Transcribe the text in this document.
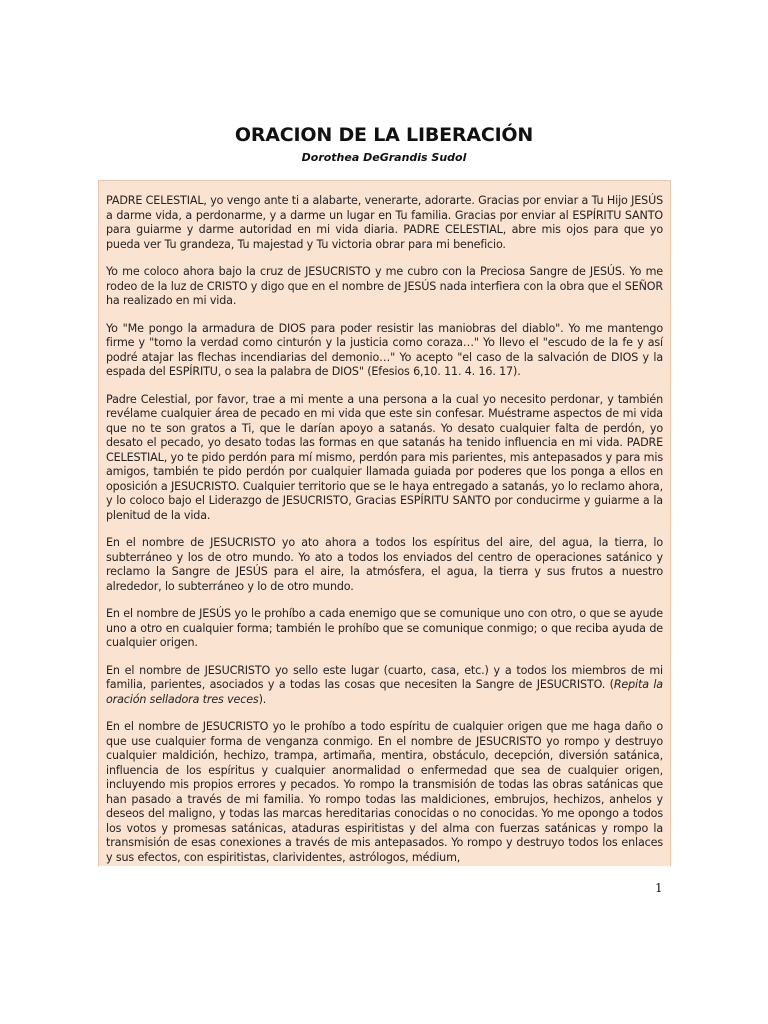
ORACION DE LA LIBERACIÓN
Dorothea DeGrandis Sudol

PADRE CELESTIAL, yo vengo ante ti a alabarte, venerarte, adorarte. Gracias por enviar a Tu Hijo JESÚS a darme vida, a perdonarme, y a darme un lugar en Tu familia. Gracias por enviar al ESPÍRITU SANTO para guiarme y darme autoridad en mi vida diaria. PADRE CELESTIAL, abre mis ojos para que yo pueda ver Tu grandeza, Tu majestad y Tu victoria obrar para mi beneficio.

Yo me coloco ahora bajo la cruz de JESUCRISTO y me cubro con la Preciosa Sangre de JESÚS. Yo me rodeo de la luz de CRISTO y digo que en el nombre de JESÚS nada interfiera con la obra que el SEÑOR ha realizado en mi vida.

Yo "Me pongo la armadura de DIOS para poder resistir las maniobras del diablo". Yo me mantengo firme y "tomo la verdad como cinturón y la justicia como coraza…" Yo llevo el "escudo de la fe y así podré atajar las flechas incendiarias del demonio…" Yo acepto "el caso de la salvación de DIOS y la espada del ESPÍRITU, o sea la palabra de DIOS" (Efesios 6,10. 11. 4. 16. 17).

Padre Celestial, por favor, trae a mi mente a una persona a la cual yo necesito perdonar, y también revélame cualquier área de pecado en mi vida que este sin confesar. Muéstrame aspectos de mi vida que no te son gratos a Ti, que le darían apoyo a satanás. Yo desato cualquier falta de perdón, yo desato el pecado, yo desato todas las formas en que satanás ha tenido influencia en mi vida. PADRE CELESTIAL, yo te pido perdón para mí mismo, perdón para mis parientes, mis antepasados y para mis amigos, también te pido perdón por cualquier llamada guiada por poderes que los ponga a ellos en oposición a JESUCRISTO. Cualquier territorio que se le haya entregado a satanás, yo lo reclamo ahora, y lo coloco bajo el Liderazgo de JESUCRISTO, Gracias ESPÍRITU SANTO por conducirme y guiarme a la plenitud de la vida.

En el nombre de JESUCRISTO yo ato ahora a todos los espíritus del aire, del agua, la tierra, lo subterráneo y los de otro mundo. Yo ato a todos los enviados del centro de operaciones satánico y reclamo la Sangre de JESÚS para el aire, la atmósfera, el agua, la tierra y sus frutos a nuestro alrededor, lo subterráneo y lo de otro mundo.

En el nombre de JESÚS yo le prohíbo a cada enemigo que se comunique uno con otro, o que se ayude uno a otro en cualquier forma; también le prohíbo que se comunique conmigo; o que reciba ayuda de cualquier origen.

En el nombre de JESUCRISTO yo sello este lugar (cuarto, casa, etc.) y a todos los miembros de mi familia, parientes, asociados y a todas las cosas que necesiten la Sangre de JESUCRISTO. (Repita la oración selladora tres veces).

En el nombre de JESUCRISTO yo le prohíbo a todo espíritu de cualquier origen que me haga daño o que use cualquier forma de venganza conmigo. En el nombre de JESUCRISTO yo rompo y destruyo cualquier maldición, hechizo, trampa, artimaña, mentira, obstáculo, decepción, diversión satánica, influencia de los espíritus y cualquier anormalidad o enfermedad que sea de cualquier origen, incluyendo mis propios errores y pecados. Yo rompo la transmisión de todas las obras satánicas que han pasado a través de mi familia. Yo rompo todas las maldiciones, embrujos, hechizos, anhelos y deseos del maligno, y todas las marcas hereditarias conocidas o no conocidas. Yo me opongo a todos los votos y promesas satánicas, ataduras espiritistas y del alma con fuerzas satánicas y rompo la transmisión de esas conexiones a través de mis antepasados. Yo rompo y destruyo todos los enlaces y sus efectos, con espiritistas, clarividentes, astrólogos, médium,

1
